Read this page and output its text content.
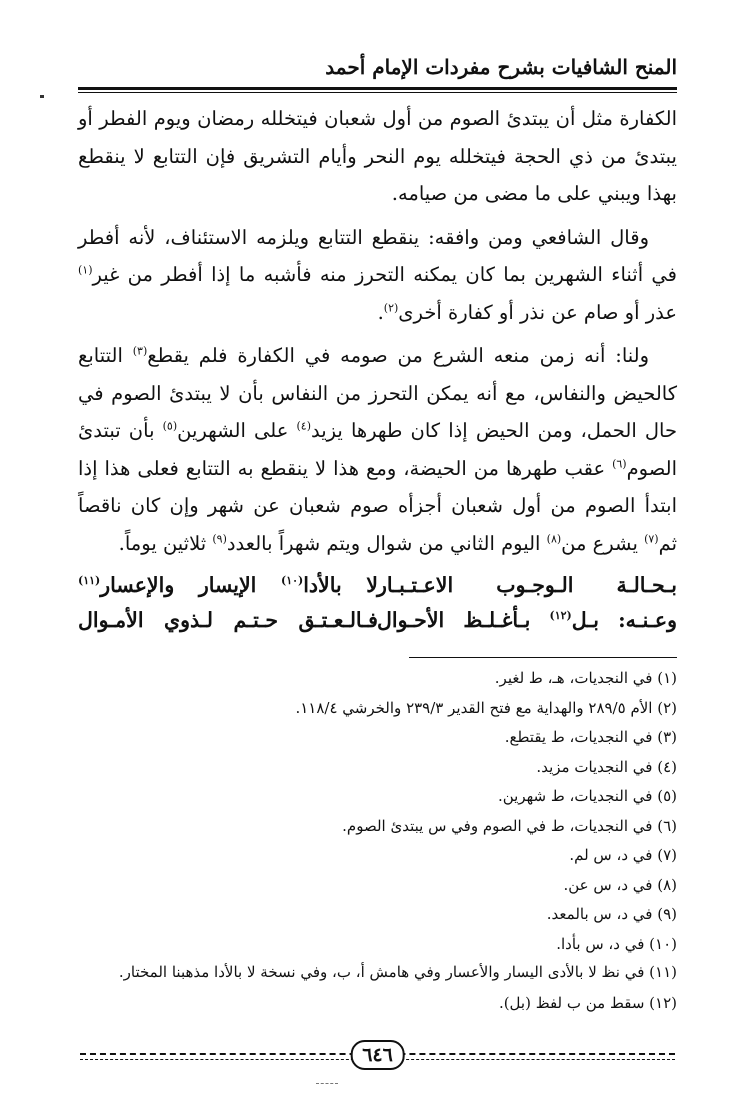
المنح الشافيات بشرح مفردات الإمام أحمد

الكفارة مثل أن يبتدئ الصوم من أول شعبان فيتخلله رمضان ويوم الفطر أو يبتدئ من ذي الحجة فيتخلله يوم النحر وأيام التشريق فإن التتابع لا ينقطع بهذا ويبني على ما مضى من صيامه.

وقال الشافعي ومن وافقه: ينقطع التتابع ويلزمه الاستئناف، لأنه أفطر في أثناء الشهرين بما كان يمكنه التحرز منه فأشبه ما إذا أفطر من غير$^{(١)}$ عذر أو صام عن نذر أو كفارة أخرى$^{(٢)}$.

ولنا: أنه زمن منعه الشرع من صومه في الكفارة فلم يقطع$^{(٣)}$ التتابع كالحيض والنفاس، مع أنه يمكن التحرز من النفاس بأن لا يبتدئ الصوم في حال الحمل، ومن الحيض إذا كان طهرها يزيد$^{(٤)}$ على الشهرين$^{(٥)}$ بأن تبتدئ الصوم$^{(٦)}$ عقب طهرها من الحيضة، ومع هذا لا ينقطع به التتابع فعلى هذا إذا ابتدأ الصوم من أول شعبان أجزأه صوم شعبان عن شهر وإن كان ناقصاً ثم$^{(٧)}$ يشرع من$^{(٨)}$ اليوم الثاني من شوال ويتم شهراً بالعدد$^{(٩)}$ ثلاثين يوماً.

بـحـالـة الـوجـوب الاعـتـبـار
لا بالأدا$^{(١٠)}$ الإيسار والإعسار$^{(١١)}$
وعـنـه: بـل$^{(١٢)}$ بـأغـلـظ الأحـوال
فـالـعـتـق حـتـم لـذوي الأمـوال

(١) في النجديات، هـ، ط لغير.

(٢) الأم ٢٨٩/٥ والهداية مع فتح القدير ٢٣٩/٣ والخرشي ١١٨/٤.

(٣) في النجديات، ط يقتطع.

(٤) في النجديات مزيد.

(٥) في النجديات، ط شهرين.

(٦) في النجديات، ط في الصوم وفي س يبتدئ الصوم.

(٧) في د، س لم.

(٨) في د، س عن.

(٩) في د، س بالمعد.

(١٠) في د، س بأدا.

(١١) في نظ لا بالأدى اليسار والأعسار وفي هامش أ، ب، وفي نسخة لا بالأدا مذهبنا المختار.

(١٢) سقط من ب لفظ (بل).

٦٤٦
